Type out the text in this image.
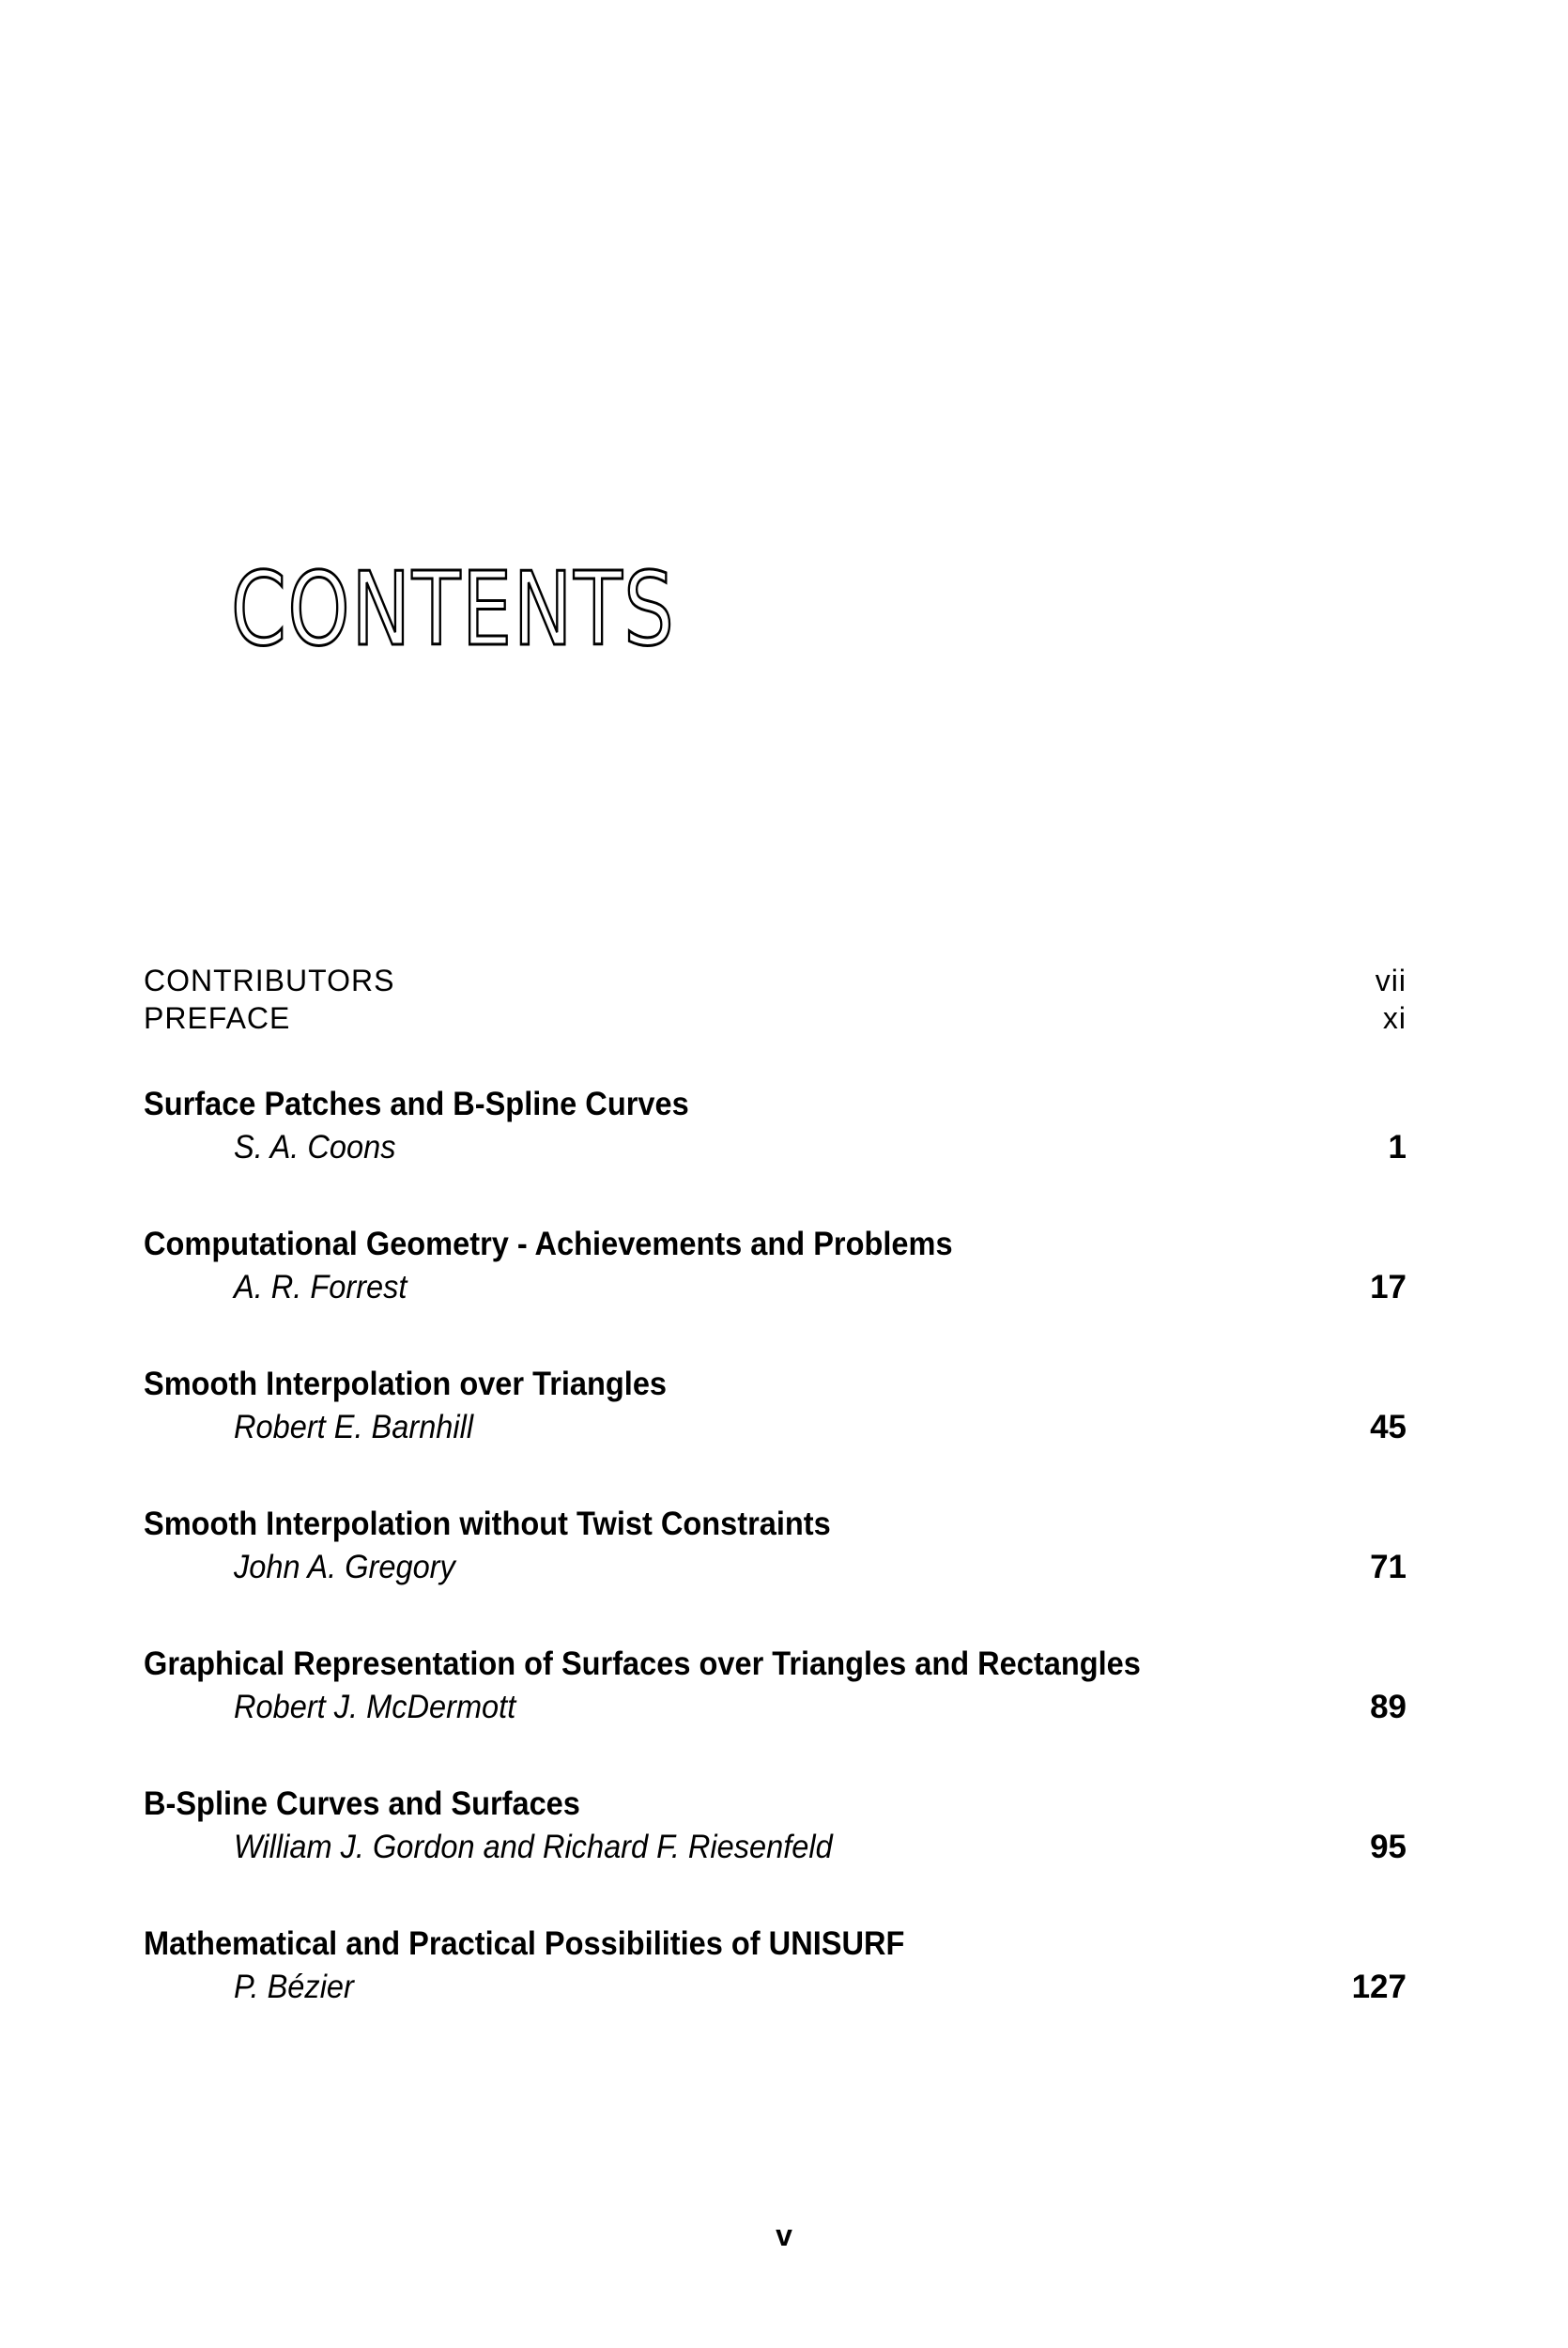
CONTENTS
CONTRIBUTORS	vii
PREFACE	xi
Surface Patches and B-Spline Curves
S. A. Coons	1
Computational Geometry - Achievements and Problems
A. R. Forrest	17
Smooth Interpolation over Triangles
Robert E. Barnhill	45
Smooth Interpolation without Twist Constraints
John A. Gregory	71
Graphical Representation of Surfaces over Triangles and Rectangles
Robert J. McDermott	89
B-Spline Curves and Surfaces
William J. Gordon and Richard F. Riesenfeld	95
Mathematical and Practical Possibilities of UNISURF
P. Bézier	127
v
